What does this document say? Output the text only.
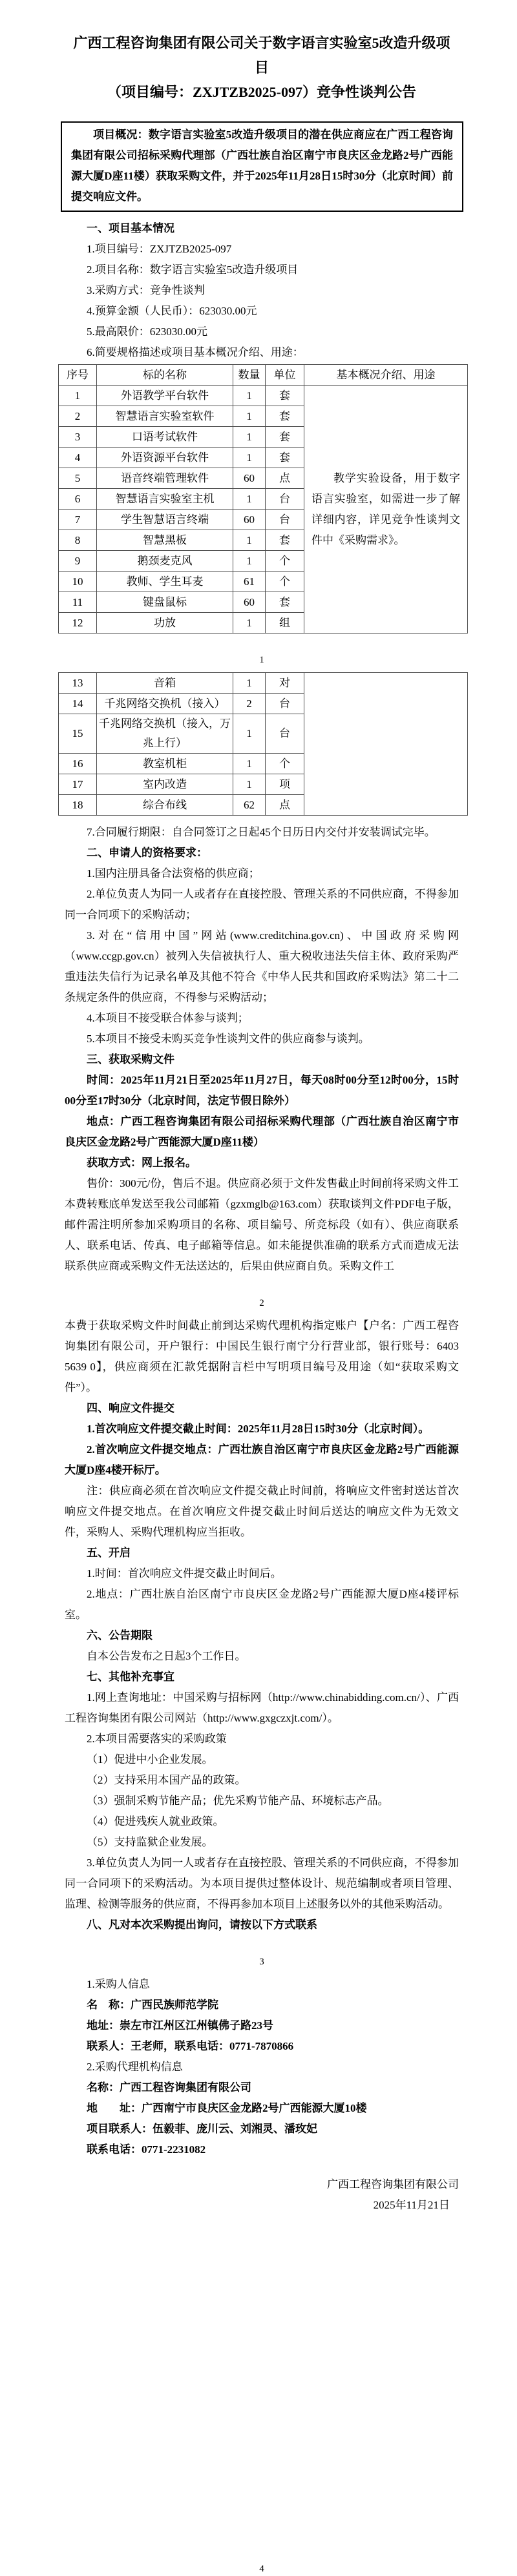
广西工程咨询集团有限公司关于数字语言实验室5改造升级项目
（项目编号：ZXJTZB2025-097）竞争性谈判公告

项目概况：数字语言实验室5改造升级项目的潜在供应商应在广西工程咨询集团有限公司招标采购代理部（广西壮族自治区南宁市良庆区金龙路2号广西能源大厦D座11楼）获取采购文件，并于2025年11月28日15时30分（北京时间）前提交响应文件。

一、项目基本情况

1.项目编号：ZXJTZB2025-097

2.项目名称：数字语言实验室5改造升级项目

3.采购方式：竞争性谈判

4.预算金额（人民币）：623030.00元

5.最高限价：623030.00元

6.简要规格描述或项目基本概况介绍、用途：

序号	标的名称	数量	单位	基本概况介绍、用途
1	外语教学平台软件	1	套	教学实验设备，用于数字语言实验室，如需进一步了解详细内容，详见竞争性谈判文件中《采购需求》。
2	智慧语言实验室软件	1	套	
3	口语考试软件	1	套	
4	外语资源平台软件	1	套	
5	语音终端管理软件	60	点	
6	智慧语言实验室主机	1	台	
7	学生智慧语言终端	60	台	
8	智慧黑板	1	套	
9	鹅颈麦克风	1	个	
10	教师、学生耳麦	61	个	
11	键盘鼠标	60	套	
12	功放	1	组	

1

13	音箱	1	对	
14	千兆网络交换机（接入）	2	台	
15	千兆网络交换机（接入，万兆上行）	1	台	
16	教室机柜	1	个	
17	室内改造	1	项	
18	综合布线	62	点	

7.合同履行期限：自合同签订之日起45个日历日内交付并安装调试完毕。

二、申请人的资格要求：

1.国内注册具备合法资格的供应商；

2.单位负责人为同一人或者存在直接控股、管理关系的不同供应商，不得参加同一合同项下的采购活动；

3.对在“信用中国”网站(www.creditchina.gov.cn)、中国政府采购网（www.ccgp.gov.cn）被列入失信被执行人、重大税收违法失信主体、政府采购严重违法失信行为记录名单及其他不符合《中华人民共和国政府采购法》第二十二条规定条件的供应商，不得参与采购活动；

4.本项目不接受联合体参与谈判；

5.本项目不接受未购买竞争性谈判文件的供应商参与谈判。

三、获取采购文件

时间：2025年11月21日至2025年11月27日，每天08时00分至12时00分，15时00分至17时30分（北京时间，法定节假日除外）

地点：广西工程咨询集团有限公司招标采购代理部（广西壮族自治区南宁市良庆区金龙路2号广西能源大厦D座11楼）

获取方式：网上报名。

售价：300元/份，售后不退。供应商必须于文件发售截止时间前将采购文件工本费转账底单发送至我公司邮箱（gzxmglb@163.com）获取谈判文件PDF电子版，邮件需注明所参加采购项目的名称、项目编号、所竞标段（如有）、供应商联系人、联系电话、传真、电子邮箱等信息。如未能提供准确的联系方式而造成无法联系供应商或采购文件无法送达的，后果由供应商自负。采购文件工

2

本费于获取采购文件时间截止前到达采购代理机构指定账户【户名：广西工程咨询集团有限公司，开户银行：中国民生银行南宁分行营业部，银行账号：6403 5639 0】，供应商须在汇款凭据附言栏中写明项目编号及用途（如“获取采购文件”）。

四、响应文件提交

1.首次响应文件提交截止时间：2025年11月28日15时30分（北京时间）。

2.首次响应文件提交地点：广西壮族自治区南宁市良庆区金龙路2号广西能源大厦D座4楼开标厅。

注：供应商必须在首次响应文件提交截止时间前，将响应文件密封送达首次响应文件提交地点。在首次响应文件提交截止时间后送达的响应文件为无效文件，采购人、采购代理机构应当拒收。

五、开启

1.时间：首次响应文件提交截止时间后。

2.地点：广西壮族自治区南宁市良庆区金龙路2号广西能源大厦D座4楼评标室。

六、公告期限

自本公告发布之日起3个工作日。

七、其他补充事宜

1.网上查询地址：中国采购与招标网（http://www.chinabidding.com.cn/）、广西工程咨询集团有限公司网站（http://www.gxgczxjt.com/）。

2.本项目需要落实的采购政策

（1）促进中小企业发展。

（2）支持采用本国产品的政策。

（3）强制采购节能产品；优先采购节能产品、环境标志产品。

（4）促进残疾人就业政策。

（5）支持监狱企业发展。

3.单位负责人为同一人或者存在直接控股、管理关系的不同供应商，不得参加同一合同项下的采购活动。为本项目提供过整体设计、规范编制或者项目管理、监理、检测等服务的供应商，不得再参加本项目上述服务以外的其他采购活动。

八、凡对本次采购提出询问，请按以下方式联系

3

1.采购人信息

名　称：广西民族师范学院

地址：崇左市江州区江州镇佛子路23号

联系人：王老师，联系电话：0771-7870866

2.采购代理机构信息

名称：广西工程咨询集团有限公司

地　　址：广西南宁市良庆区金龙路2号广西能源大厦10楼

项目联系人：伍毅菲、庞川云、刘湘灵、潘玫妃

联系电话：0771-2231082

广西工程咨询集团有限公司

2025年11月21日

4
